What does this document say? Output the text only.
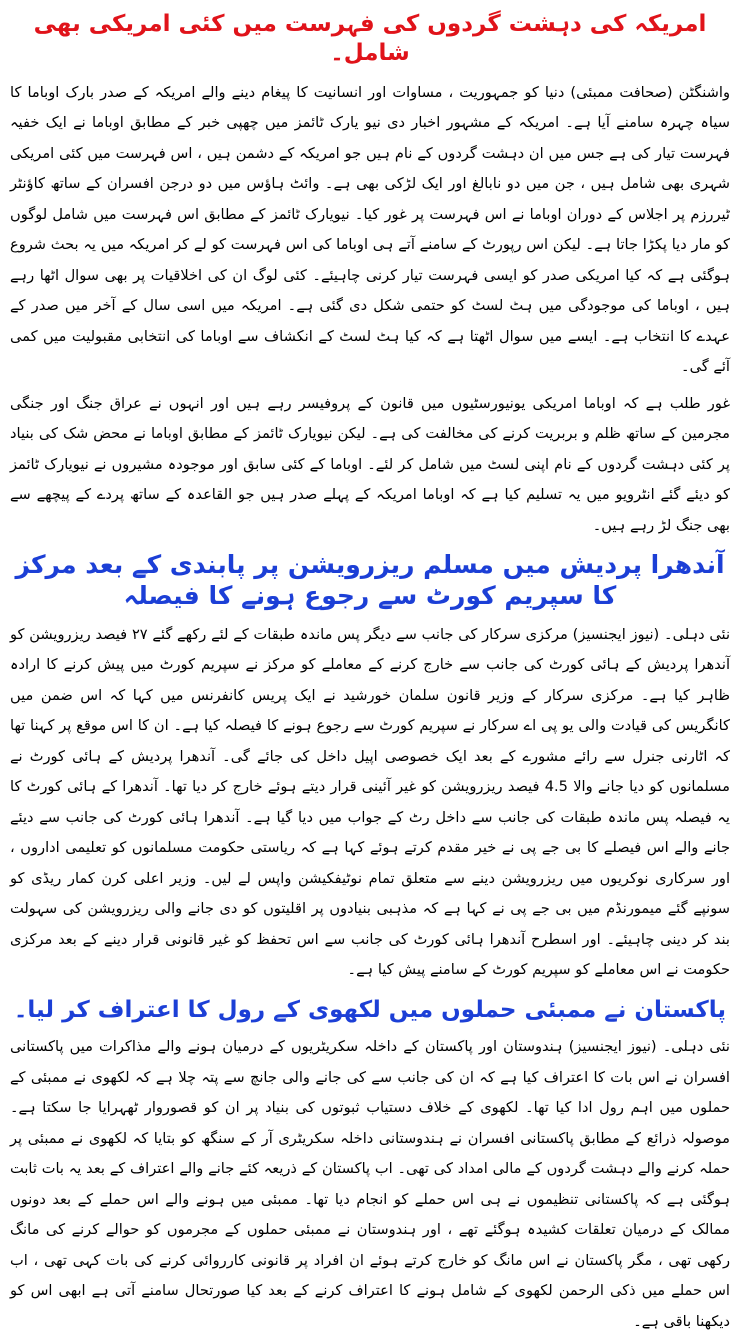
امریکہ کی دہشت گردوں کی فہرست میں کئی امریکی بھی شامل۔

واشنگٹن (صحافت ممبئی) دنیا کو جمہوریت ، مساوات اور انسانیت کا پیغام دینے والے امریکہ کے صدر بارک اوباما کا سیاہ چہرہ سامنے آیا ہے۔ امریکہ کے مشہور اخبار دی نیو یارک ٹائمز میں چھپی خبر کے مطابق اوباما نے ایک خفیہ فہرست تیار کی ہے جس میں ان دہشت گردوں کے نام ہیں جو امریکہ کے دشمن ہیں ، اس فہرست میں کئی امریکی شہری بھی شامل ہیں ، جن میں دو نابالغ اور ایک لڑکی بھی ہے۔ وائٹ ہاؤس میں دو درجن افسران کے ساتھ کاؤنٹر ٹیررزم پر اجلاس کے دوران اوباما نے اس فہرست پر غور کیا۔ نیویارک ٹائمز کے مطابق اس فہرست میں شامل لوگوں کو مار دیا پکڑا جاتا ہے۔ لیکن اس رپورٹ کے سامنے آتے ہی اوباما کی اس فہرست کو لے کر امریکہ میں یہ بحث شروع ہوگئی ہے کہ کیا امریکی صدر کو ایسی فہرست تیار کرنی چاہیئے۔ کئی لوگ ان کی اخلاقیات پر بھی سوال اٹھا رہے ہیں ، اوباما کی موجودگی میں ہٹ لسٹ کو حتمی شکل دی گئی ہے۔ امریکہ میں اسی سال کے آخر میں صدر کے عہدے کا انتخاب ہے۔ ایسے میں سوال اٹھتا ہے کہ کیا ہٹ لسٹ کے انکشاف سے اوباما کی انتخابی مقبولیت میں کمی آئے گی۔

غور طلب ہے کہ اوباما امریکی یونیورسٹیوں میں قانون کے پروفیسر رہے ہیں اور انہوں نے عراق جنگ اور جنگی مجرمین کے ساتھ ظلم و بربریت کرنے کی مخالفت کی ہے۔ لیکن نیویارک ٹائمز کے مطابق اوباما نے محض شک کی بنیاد پر کئی دہشت گردوں کے نام اپنی لسٹ میں شامل کر لئے۔ اوباما کے کئی سابق اور موجودہ مشیروں نے نیویارک ٹائمز کو دیئے گئے انٹرویو میں یہ تسلیم کیا ہے کہ اوباما امریکہ کے پہلے صدر ہیں جو القاعدہ کے ساتھ پردے کے پیچھے سے بھی جنگ لڑ رہے ہیں۔

آندھرا پردیش میں مسلم ریزرویشن پر پابندی کے بعد مرکز کا سپریم کورٹ سے رجوع ہونے کا فیصلہ

نئی دہلی۔ (نیوز ایجنسیز) مرکزی سرکار کی جانب سے دیگر پس ماندہ طبقات کے لئے رکھے گئے ۲۷ فیصد ریزرویشن کو آندھرا پردیش کے ہائی کورٹ کی جانب سے خارج کرنے کے معاملے کو مرکز نے سپریم کورٹ میں پیش کرنے کا ارادہ ظاہر کیا ہے۔ مرکزی سرکار کے وزیر قانون سلمان خورشید نے ایک پریس کانفرنس میں کہا کہ اس ضمن میں کانگریس کی قیادت والی یو پی اے سرکار نے سپریم کورٹ سے رجوع ہونے کا فیصلہ کیا ہے۔ ان کا اس موقع پر کہنا تھا کہ اٹارنی جنرل سے رائے مشورے کے بعد ایک خصوصی اپیل داخل کی جائے گی۔ آندھرا پردیش کے ہائی کورٹ نے مسلمانوں کو دیا جانے والا 4.5 فیصد ریزرویشن کو غیر آئینی قرار دیتے ہوئے خارج کر دیا تھا۔ آندھرا کے ہائی کورٹ کا یہ فیصلہ پس ماندہ طبقات کی جانب سے داخل رٹ کے جواب میں دیا گیا ہے۔ آندھرا ہائی کورٹ کی جانب سے دیئے جانے والے اس فیصلے کا بی جے پی نے خیر مقدم کرتے ہوئے کہا ہے کہ ریاستی حکومت مسلمانوں کو تعلیمی اداروں ، اور سرکاری نوکریوں میں ریزرویشن دینے سے متعلق تمام نوٹیفکیشن واپس لے لیں۔ وزیر اعلی کرن کمار ریڈی کو سونپے گئے میمورنڈم میں بی جے پی نے کہا ہے کہ مذہبی بنیادوں پر اقلیتوں کو دی جانے والی ریزرویشن کی سہولت بند کر دینی چاہیئے۔ اور اسطرح آندھرا ہائی کورٹ کی جانب سے اس تحفظ کو غیر قانونی قرار دینے کے بعد مرکزی حکومت نے اس معاملے کو سپریم کورٹ کے سامنے پیش کیا ہے۔

پاکستان نے ممبئی حملوں میں لکھوی کے رول کا اعتراف کر لیا۔

نئی دہلی۔ (نیوز ایجنسیز) ہندوستان اور پاکستان کے داخلہ سکریٹریوں کے درمیان ہونے والے مذاکرات میں پاکستانی افسران نے اس بات کا اعتراف کیا ہے کہ ان کی جانب سے کی جانے والی جانچ سے پتہ چلا ہے کہ لکھوی نے ممبئی کے حملوں میں اہم رول ادا کیا تھا۔ لکھوی کے خلاف دستیاب ثبوتوں کی بنیاد پر ان کو قصوروار ٹھہرایا جا سکتا ہے۔ موصولہ ذرائع کے مطابق پاکستانی افسران نے ہندوستانی داخلہ سکریٹری آر کے سنگھ کو بتایا کہ لکھوی نے ممبئی پر حملہ کرنے والے دہشت گردوں کے مالی امداد کی تھی۔ اب پاکستان کے ذریعہ کئے جانے والے اعتراف کے بعد یہ بات ثابت ہوگئی ہے کہ پاکستانی تنظیموں نے ہی اس حملے کو انجام دیا تھا۔ ممبئی میں ہونے والے اس حملے کے بعد دونوں ممالک کے درمیان تعلقات کشیدہ ہوگئے تھے ، اور ہندوستان نے ممبئی حملوں کے مجرموں کو حوالے کرنے کی مانگ رکھی تھی ، مگر پاکستان نے اس مانگ کو خارج کرتے ہوئے ان افراد پر قانونی کارروائی کرنے کی بات کہی تھی ، اب اس حملے میں ذکی الرحمن لکھوی کے شامل ہونے کا اعتراف کرنے کے بعد کیا صورتحال سامنے آتی ہے ابھی اس کو دیکھنا باقی ہے۔
